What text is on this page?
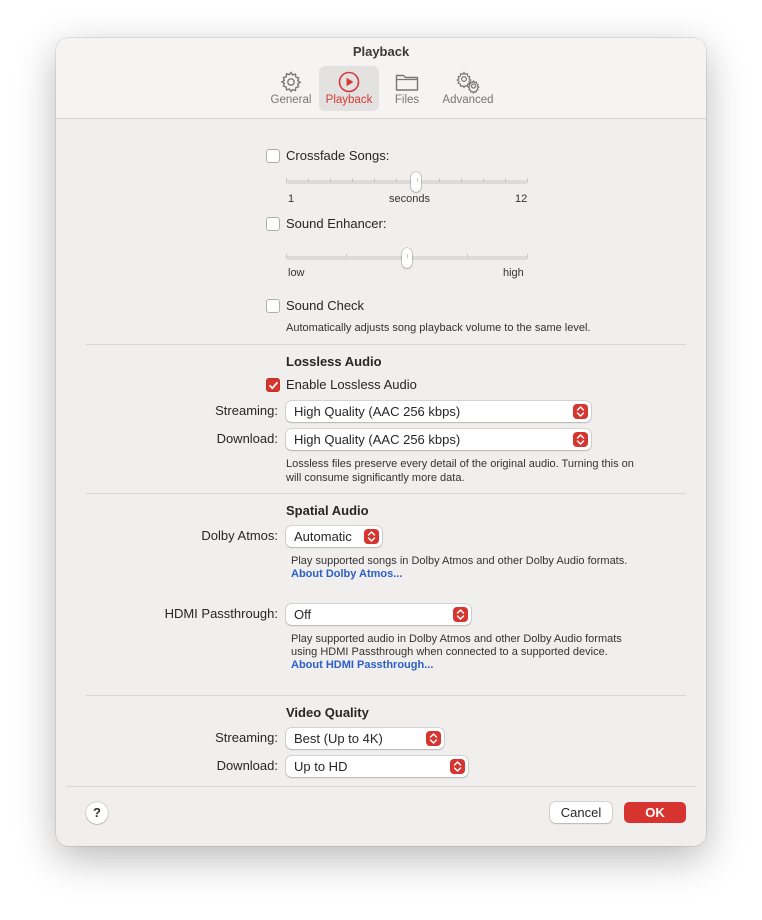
Playback
General	Playback	Files	Advanced
Crossfade Songs:
1	seconds	12
Sound Enhancer:
low	high
Sound Check
Automatically adjusts song playback volume to the same level.
Lossless Audio
Enable Lossless Audio
Streaming: High Quality (AAC 256 kbps)
Download: High Quality (AAC 256 kbps)
Lossless files preserve every detail of the original audio. Turning this on
will consume significantly more data.
Spatial Audio
Dolby Atmos: Automatic
Play supported songs in Dolby Atmos and other Dolby Audio formats.
About Dolby Atmos...
HDMI Passthrough: Off
Play supported audio in Dolby Atmos and other Dolby Audio formats
using HDMI Passthrough when connected to a supported device.
About HDMI Passthrough...
Video Quality
Streaming: Best (Up to 4K)
Download: Up to HD
?	Cancel	OK
